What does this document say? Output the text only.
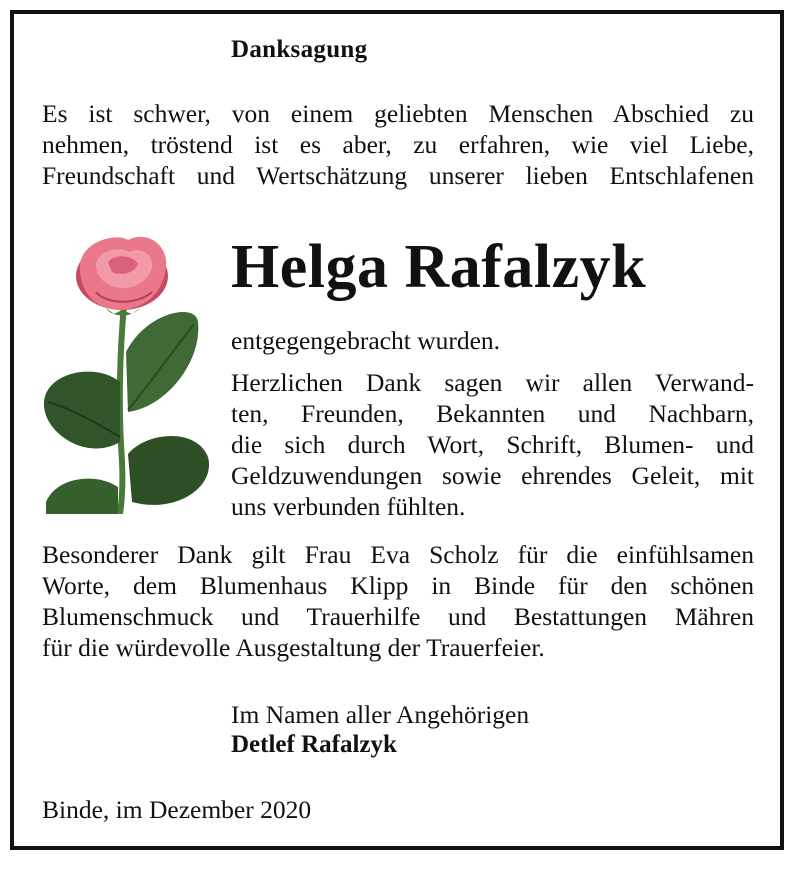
Danksagung

Es ist schwer, von einem geliebten Menschen Abschied zu
nehmen, tröstend ist es aber, zu erfahren, wie viel Liebe,
Freundschaft und Wertschätzung unserer lieben Entschlafenen

Helga Rafalzyk

entgegengebracht wurden.

Herzlichen Dank sagen wir allen Verwand-
ten, Freunden, Bekannten und Nachbarn,
die sich durch Wort, Schrift, Blumen- und
Geldzuwendungen sowie ehrendes Geleit, mit
uns verbunden fühlten.

Besonderer Dank gilt Frau Eva Scholz für die einfühlsamen
Worte, dem Blumenhaus Klipp in Binde für den schönen
Blumenschmuck und Trauerhilfe und Bestattungen Mähren
für die würdevolle Ausgestaltung der Trauerfeier.

Im Namen aller Angehörigen

Detlef Rafalzyk

Binde, im Dezember 2020
